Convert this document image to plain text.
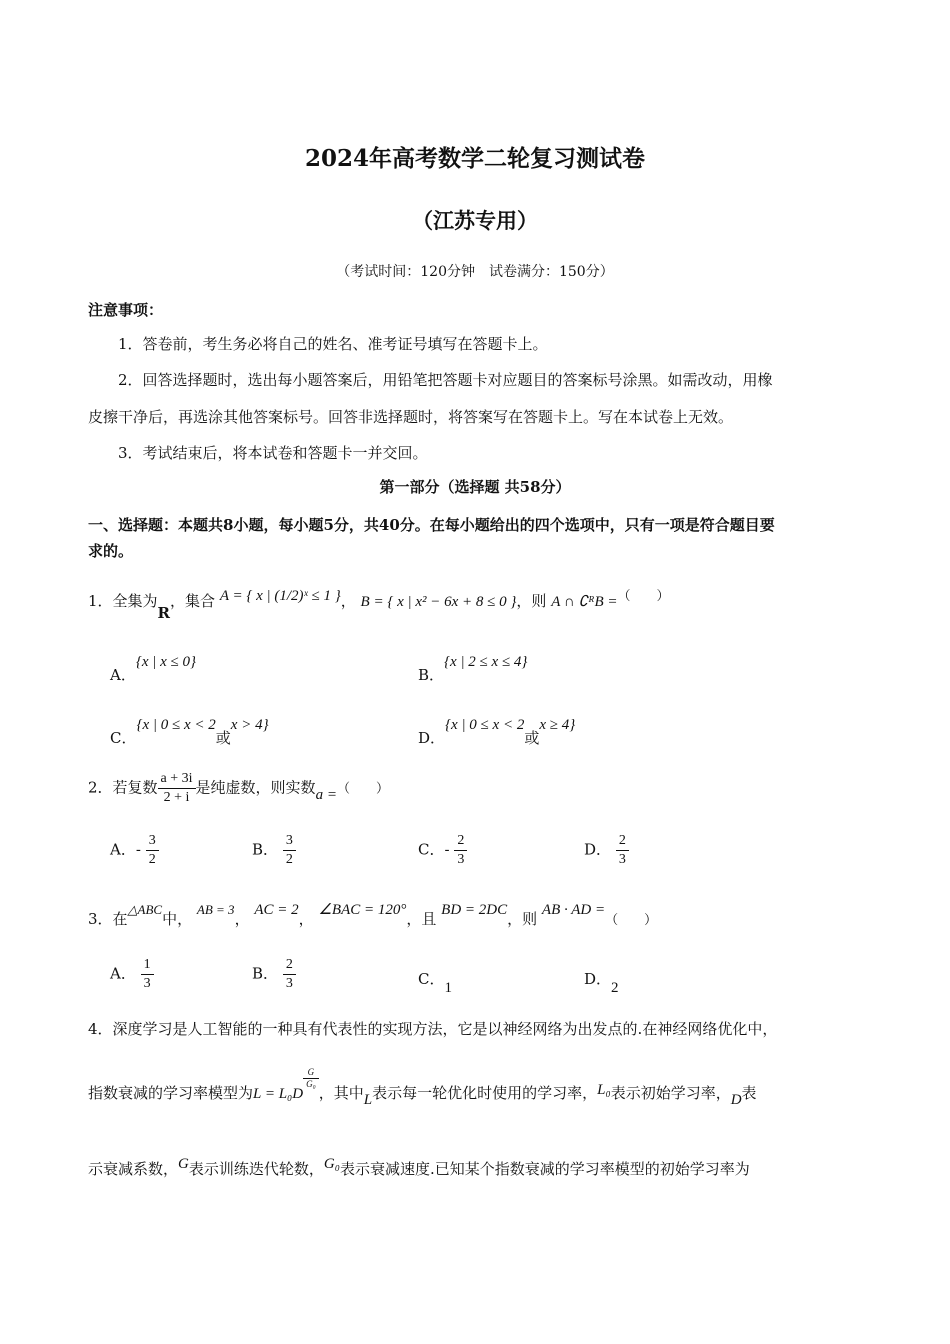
2024年高考数学二轮复习测试卷
（江苏专用）
（考试时间：120分钟　试卷满分：150分）
注意事项：
1．答卷前，考生务必将自己的姓名、准考证号填写在答题卡上。
2．回答选择题时，选出每小题答案后，用铅笔把答题卡对应题目的答案标号涂黑。如需改动，用橡
皮擦干净后，再选涂其他答案标号。回答非选择题时，将答案写在答题卡上。写在本试卷上无效。
3．考试结束后，将本试卷和答题卡一并交回。
第一部分（选择题 共58分）
一、选择题：本题共8小题，每小题5分，共40分。在每小题给出的四个选项中，只有一项是符合题目要
求的。
1．全集为R，集合 A = { x | (1/2)ˣ ≤ 1 }， B = { x | x² − 6x + 8 ≤ 0 }，则 A ∩ ∁ᴿB =（　　）
A．{x | x ≤ 0}
B．{x | 2 ≤ x ≤ 4}
C．{x | 0 ≤ x < 2或x > 4}
D．{x | 0 ≤ x < 2或x ≥ 4}
2．若复数 $\frac{a + 3i}{2 + i}$ 是纯虚数，则实数a =（　　）
A．- $\frac{3}{2}$	B． $\frac{3}{2}$	C．- $\frac{2}{3}$	D． $\frac{2}{3}$
3．在△ABC中， AB = 3， AC = 2， ∠BAC = 120°，且 BD = 2DC，则 AB · AD =（　　）
A． $\frac{1}{3}$	B． $\frac{2}{3}$	C．1	D．2
4．深度学习是人工智能的一种具有代表性的实现方法，它是以神经网络为出发点的.在神经网络优化中，
指数衰减的学习率模型为L = L₀D
$\frac{G}{\text{G₀}}$
，其中L表示每一轮优化时使用的学习率，L₀表示初始学习率，D表
示衰减系数，G表示训练迭代轮数，G₀表示衰减速度.已知某个指数衰减的学习率模型的初始学习率为
